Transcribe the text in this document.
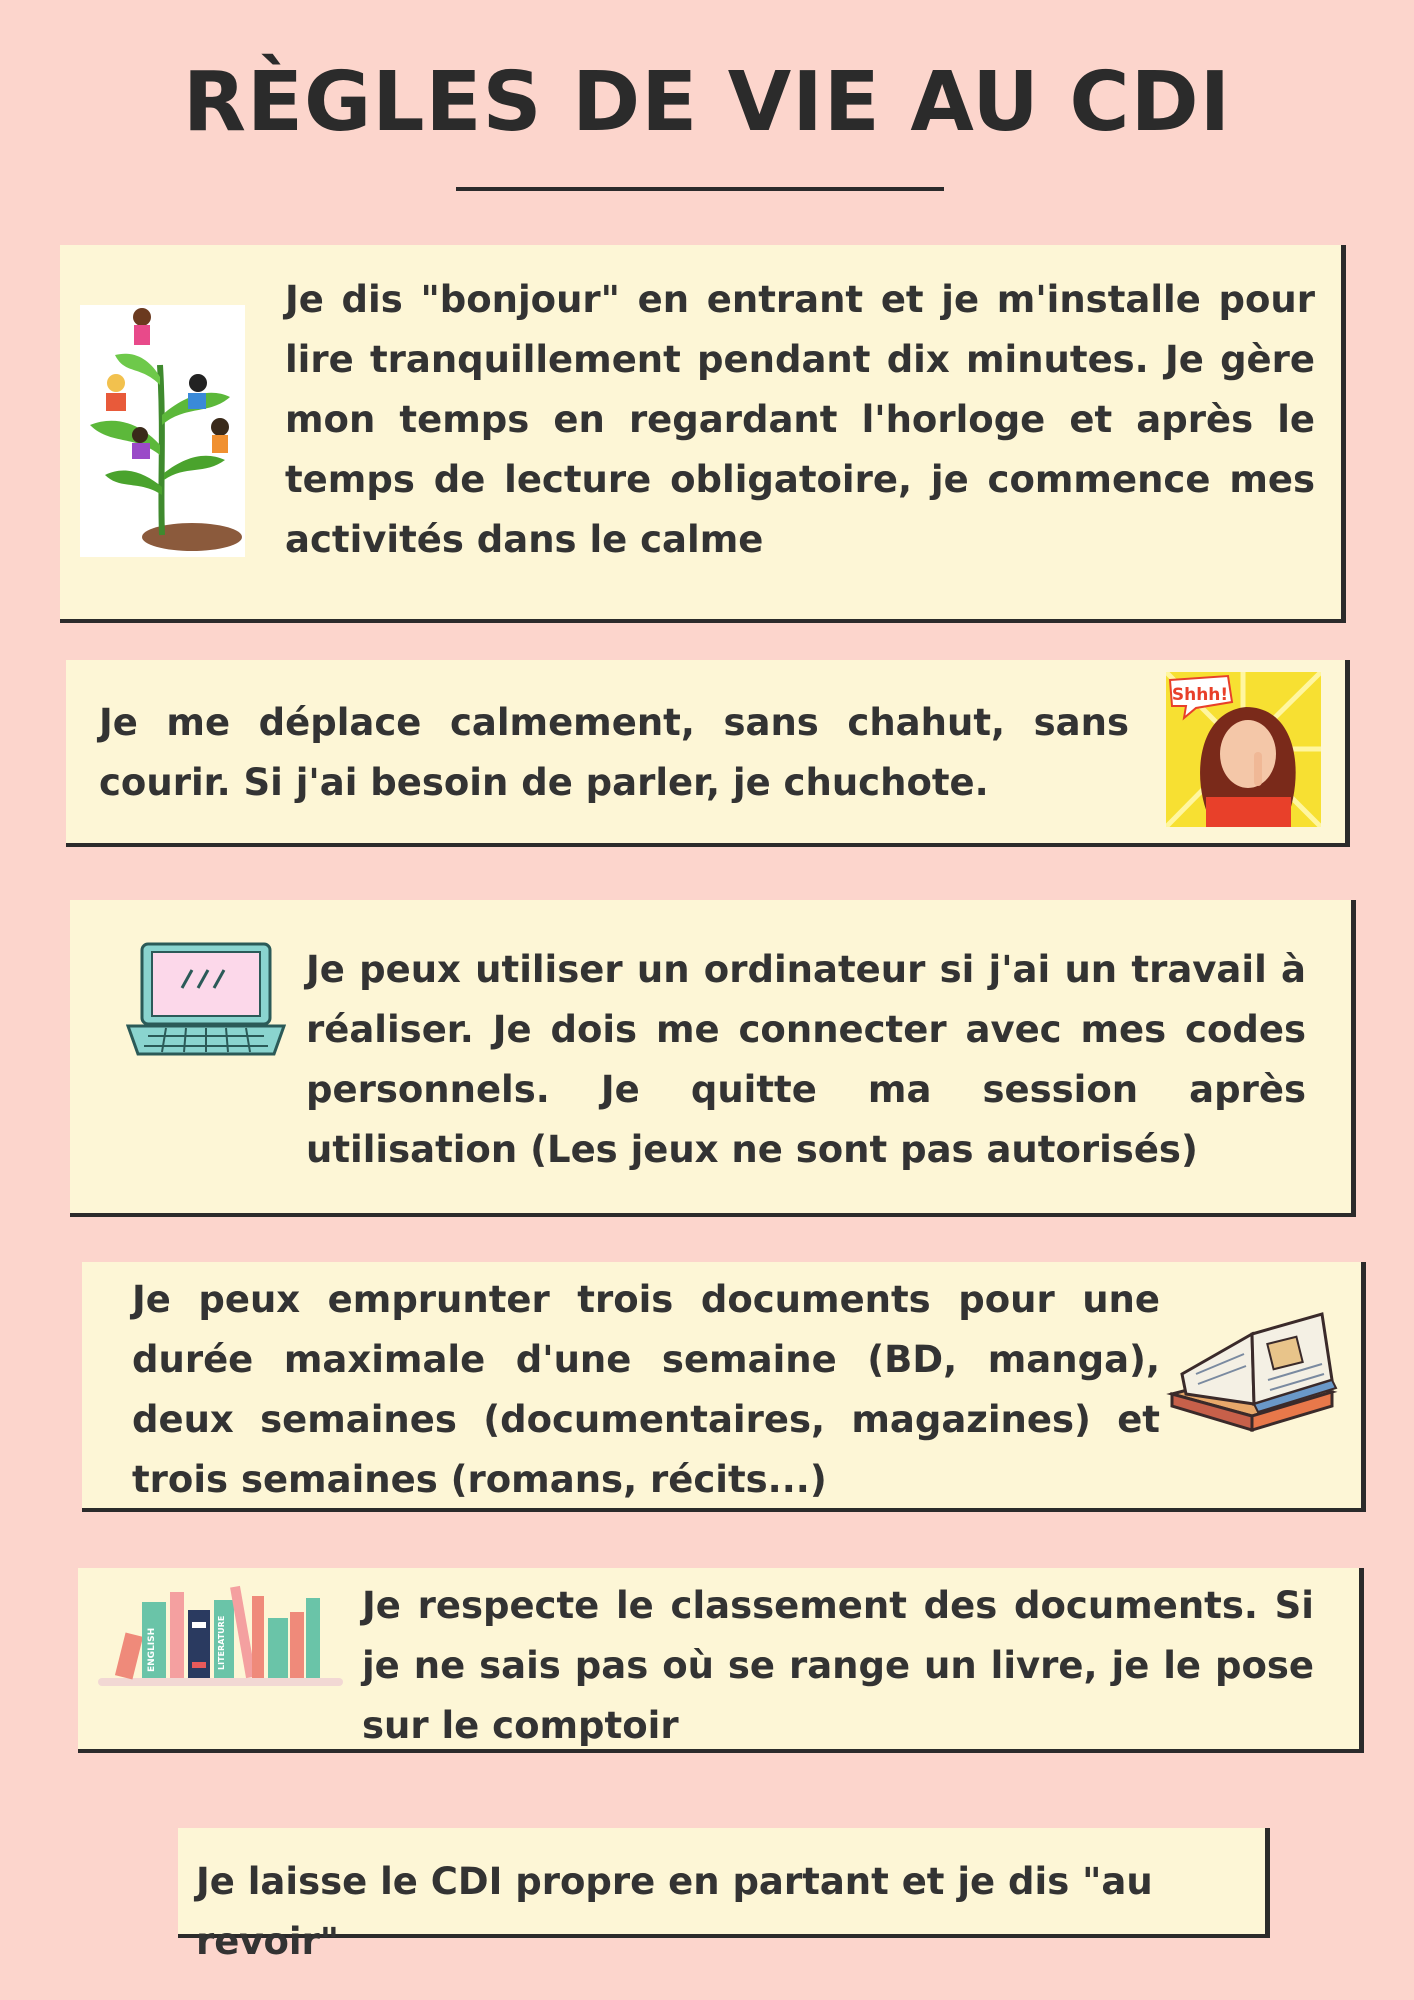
RÈGLES DE VIE AU CDI

Je dis "bonjour" en entrant et je m'installe pour lire tranquillement pendant dix minutes. Je gère mon temps en regardant l'horloge et après le temps de lecture obligatoire, je commence mes activités dans le calme

Shhh!

Je me déplace calmement, sans chahut, sans courir. Si j'ai besoin de parler, je chuchote.

Je peux utiliser un ordinateur si j'ai un travail à réaliser. Je dois me connecter avec mes codes personnels. Je quitte ma session après utilisation (Les jeux ne sont pas autorisés)

Je peux emprunter trois documents pour une durée maximale d'une semaine (BD, manga), deux semaines (documentaires, magazines) et trois semaines (romans, récits...)

ENGLISH	LITERATURE

Je respecte le classement des documents. Si je ne sais pas où se range un livre, je le pose sur le comptoir

Je laisse le CDI propre en partant et je dis "au revoir"
